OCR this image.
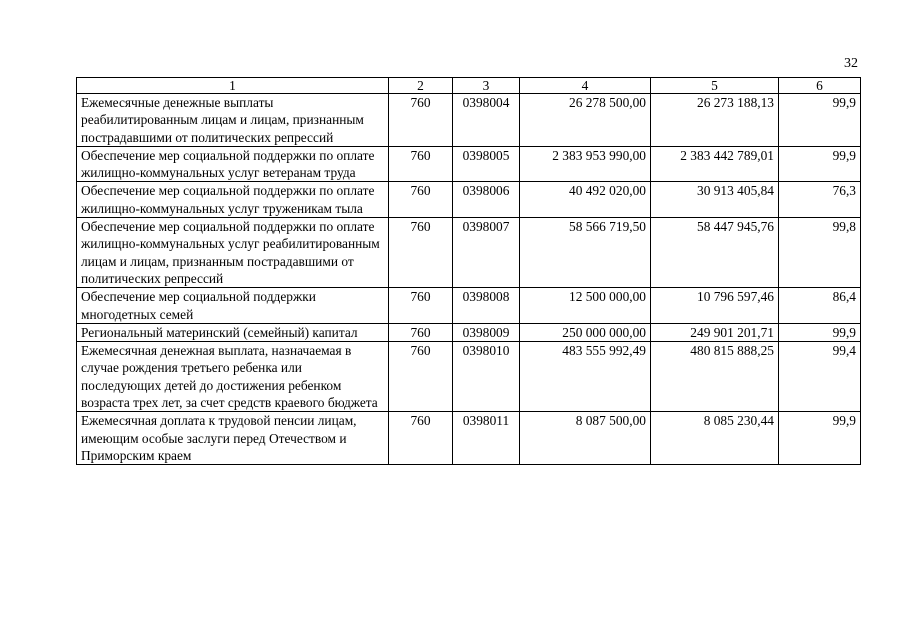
32
1	2	3	4	5	6
Ежемесячные денежные выплаты реабилитированным лицам и лицам, признанным пострадавшими от политических репрессий	760	0398004	26 278 500,00	26 273 188,13	99,9
Обеспечение мер социальной поддержки по оплате жилищно-коммунальных услуг ветеранам труда	760	0398005	2 383 953 990,00	2 383 442 789,01	99,9
Обеспечение мер социальной поддержки по оплате жилищно-коммунальных услуг труженикам тыла	760	0398006	40 492 020,00	30 913 405,84	76,3
Обеспечение мер социальной поддержки по оплате жилищно-коммунальных услуг реабилитированным лицам и лицам, признанным пострадавшими от политических репрессий	760	0398007	58 566 719,50	58 447 945,76	99,8
Обеспечение мер социальной поддержки многодетных семей	760	0398008	12 500 000,00	10 796 597,46	86,4
Региональный материнский (семейный) капитал	760	0398009	250 000 000,00	249 901 201,71	99,9
Ежемесячная денежная выплата, назначаемая в случае рождения третьего ребенка или последующих детей до достижения ребенком возраста трех лет, за счет средств краевого бюджета	760	0398010	483 555 992,49	480 815 888,25	99,4
Ежемесячная доплата к трудовой пенсии лицам, имеющим особые заслуги перед Отечеством и Приморским краем	760	0398011	8 087 500,00	8 085 230,44	99,9
